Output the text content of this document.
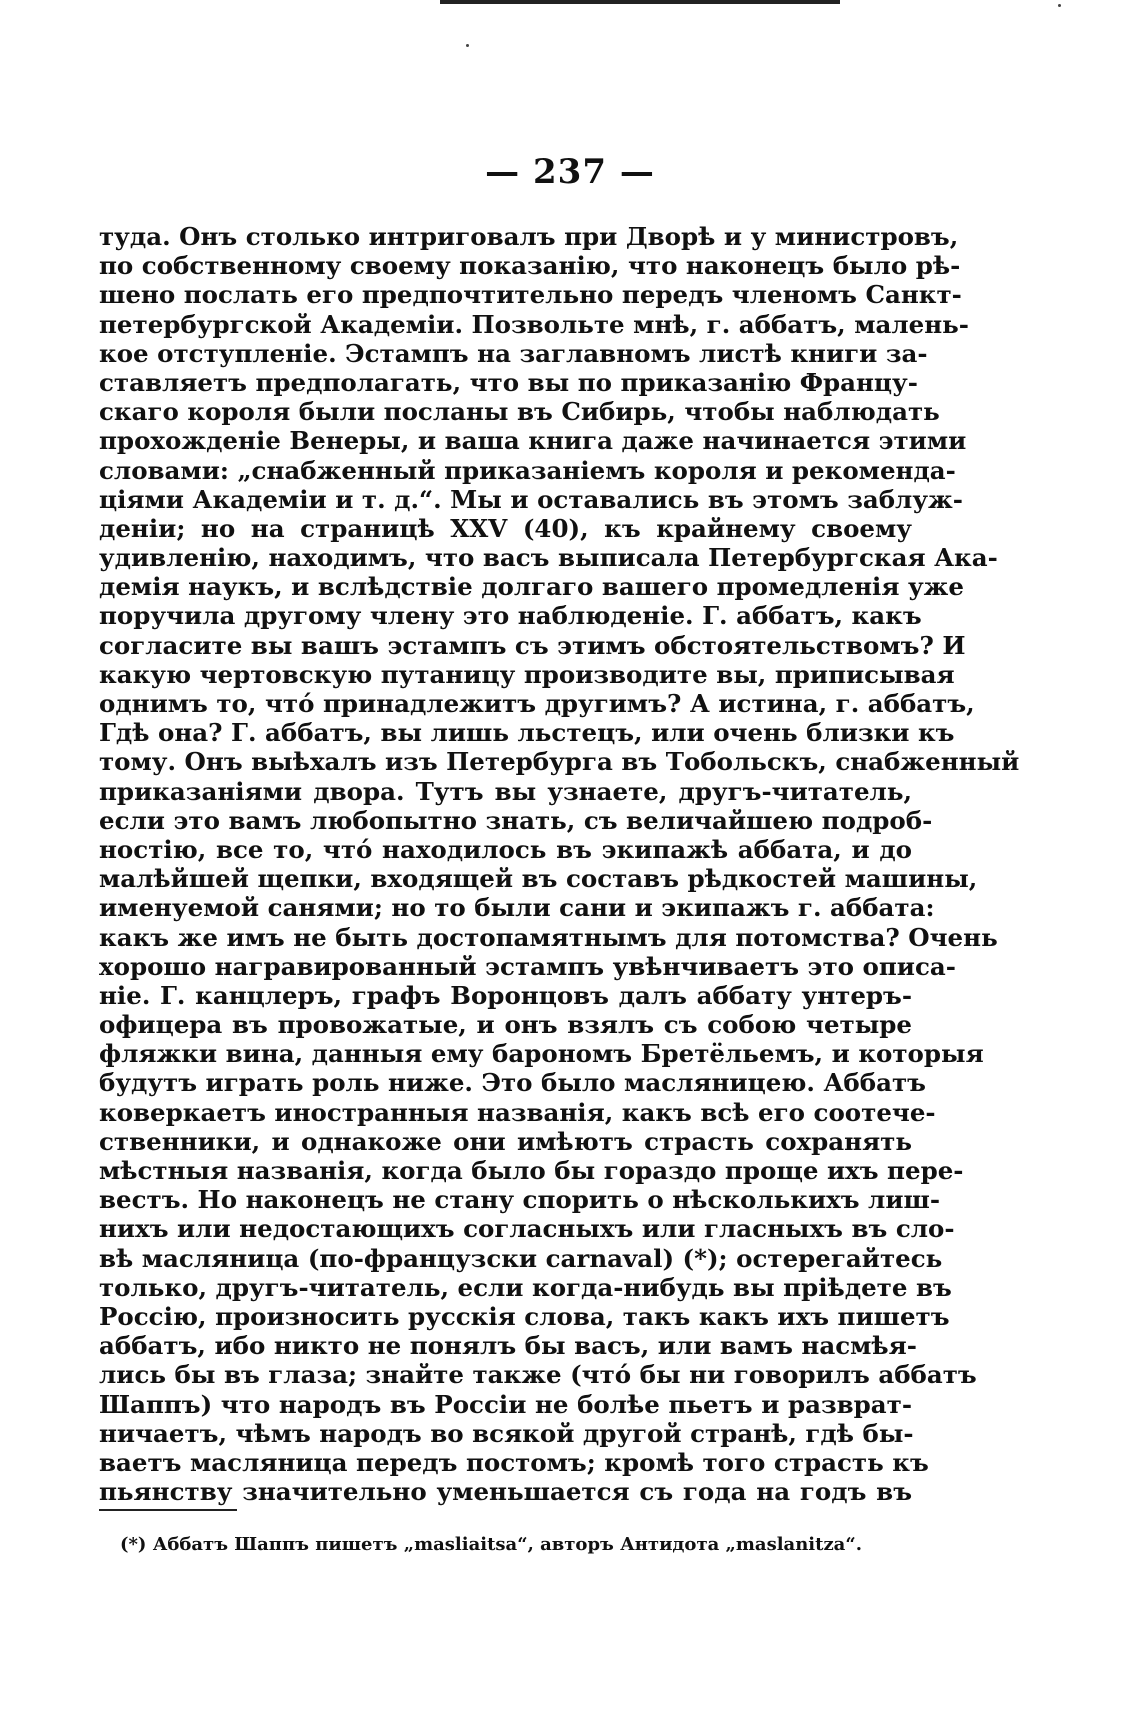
— 237 —
туда. Онъ столько интриговалъ при Дворѣ и у министровъ,
по собственному своему показанію, что наконецъ было рѣ-
шено послать его предпочтительно передъ членомъ Санкт-
петербургской Академіи. Позвольте мнѣ, г. аббатъ, малень-
кое отступленіе. Эстампъ на заглавномъ листѣ книги за-
ставляетъ предполагать, что вы по приказанію Францу-
скаго короля были посланы въ Сибирь, чтобы наблюдать
прохожденіе Венеры, и ваша книга даже начинается этими
словами: „снабженный приказаніемъ короля и рекоменда-
ціями Академіи и т. д.“. Мы и оставались въ этомъ заблуж-
деніи; но на страницѣ XXV (40), къ крайнему своему
удивленію, находимъ, что васъ выписала Петербургская Ака-
демія наукъ, и вслѣдствіе долгаго вашего промедленія уже
поручила другому члену это наблюденіе. Г. аббатъ, какъ
согласите вы вашъ эстампъ съ этимъ обстоятельствомъ? И
какую чертовскую путаницу производите вы, приписывая
однимъ то, чтó принадлежитъ другимъ? А истина, г. аббатъ,
Гдѣ она? Г. аббатъ, вы лишь льстецъ, или очень близки къ
тому. Онъ выѣхалъ изъ Петербурга въ Тобольскъ, снабженный
приказаніями двора. Тутъ вы узнаете, другъ-читатель,
если это вамъ любопытно знать, съ величайшею подроб-
ностію, все то, чтó находилось въ экипажѣ аббата, и до
малѣйшей щепки, входящей въ составъ рѣдкостей машины,
именуемой санями; но то были сани и экипажъ г. аббата:
какъ же имъ не быть достопамятнымъ для потомства? Очень
хорошо награвированный эстампъ увѣнчиваетъ это описа-
ніе. Г. канцлеръ, графъ Воронцовъ далъ аббату унтеръ-
офицера въ провожатые, и онъ взялъ съ собою четыре
фляжки вина, данныя ему барономъ Бретёльемъ, и которыя
будутъ играть роль ниже. Это было масляницею. Аббатъ
коверкаетъ иностранныя названія, какъ всѣ его соотече-
ственники, и однакоже они имѣютъ страсть сохранять
мѣстныя названія, когда было бы гораздо проще ихъ пере-
вестъ. Но наконецъ не стану спорить о нѣсколькихъ лиш-
нихъ или недостающихъ согласныхъ или гласныхъ въ сло-
вѣ масляница (по-французски carnaval) (*); остерегайтесь
только, другъ-читатель, если когда-нибудь вы пріѣдете въ
Россію, произносить русскія слова, такъ какъ ихъ пишетъ
аббатъ, ибо никто не понялъ бы васъ, или вамъ насмѣя-
лись бы въ глаза; знайте также (чтó бы ни говорилъ аббатъ
Шаппъ) что народъ въ Россіи не болѣе пьетъ и разврат-
ничаетъ, чѣмъ народъ во всякой другой странѣ, гдѣ бы-
ваетъ масляница передъ постомъ; кромѣ того страсть къ
пьянству значительно уменьшается съ года на годъ въ
(*) Аббатъ Шаппъ пишетъ „masliaitsa“, авторъ Антидота „maslanitza“.
